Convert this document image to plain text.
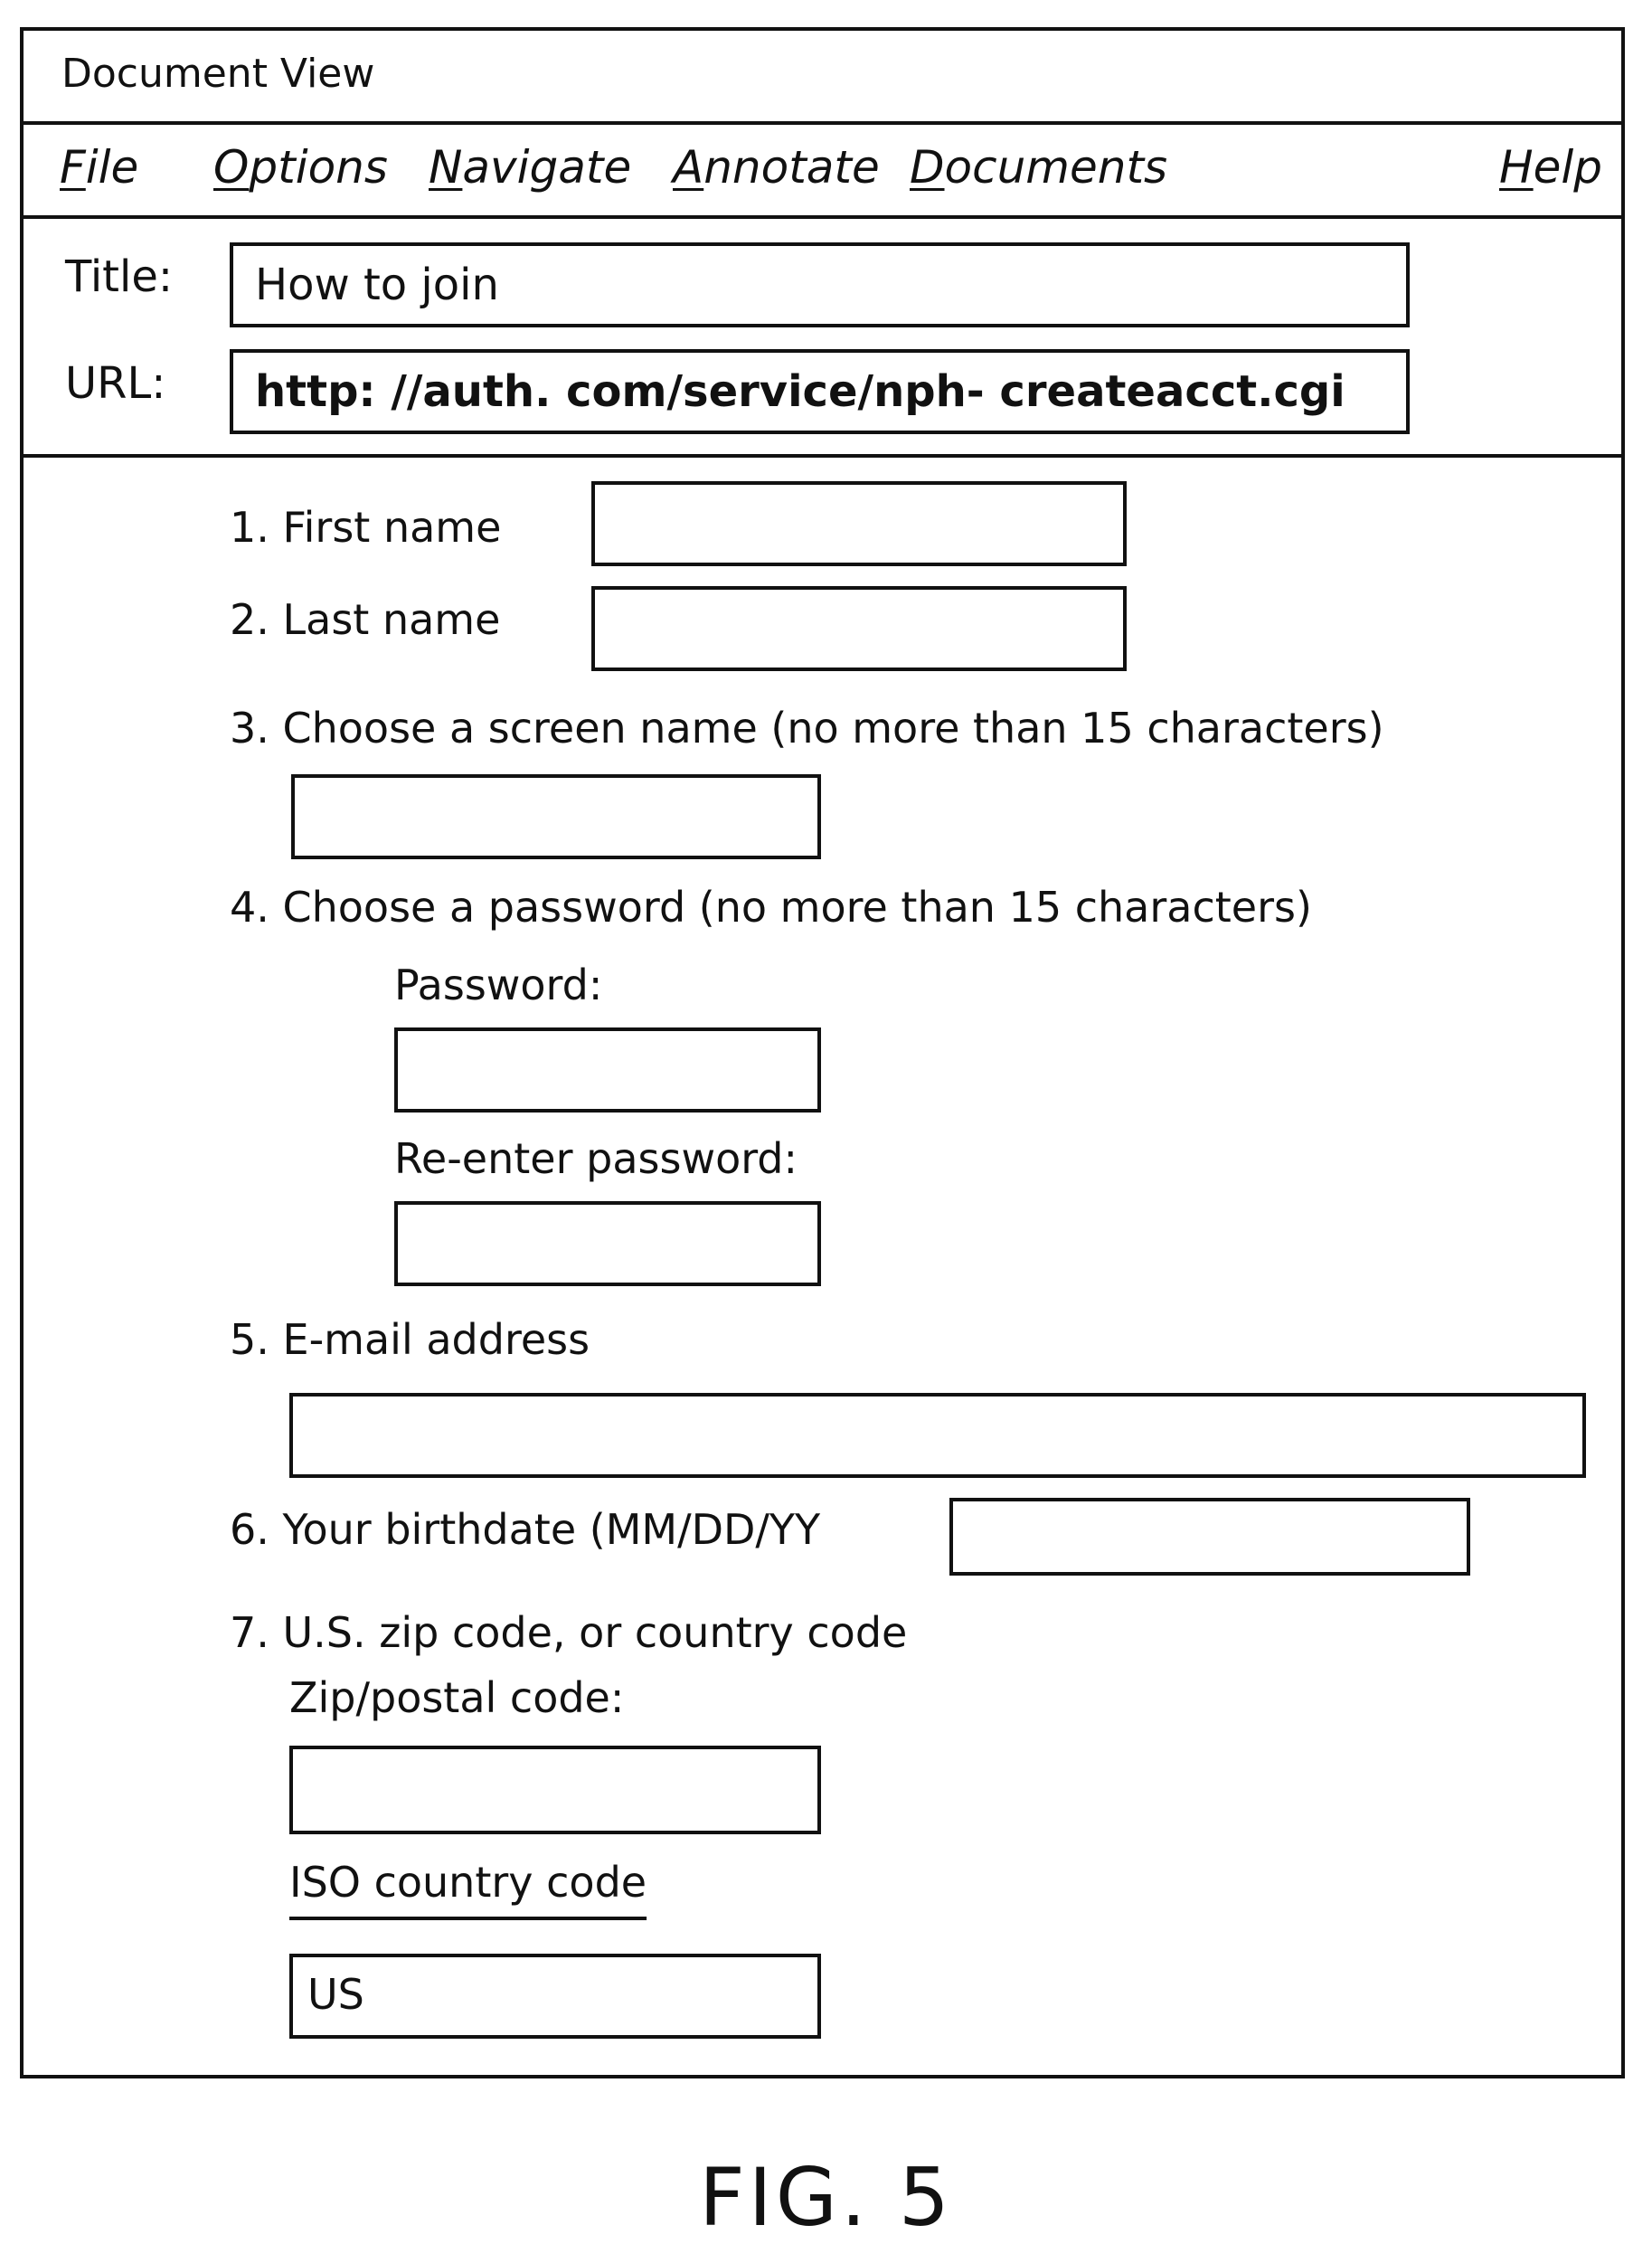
Document View
File Options Navigate Annotate Documents	Help
Title:	How to join
URL:	http: //auth. com/service/nph- createacct.cgi
1. First name
2. Last name
3. Choose a screen name (no more than 15 characters)
4. Choose a password (no more than 15 characters)
Password:
Re-enter password:
5. E-mail address
6. Your birthdate (MM/DD/YY
7. U.S. zip code, or country code
Zip/postal code:
ISO country code
US
FIG. 5
